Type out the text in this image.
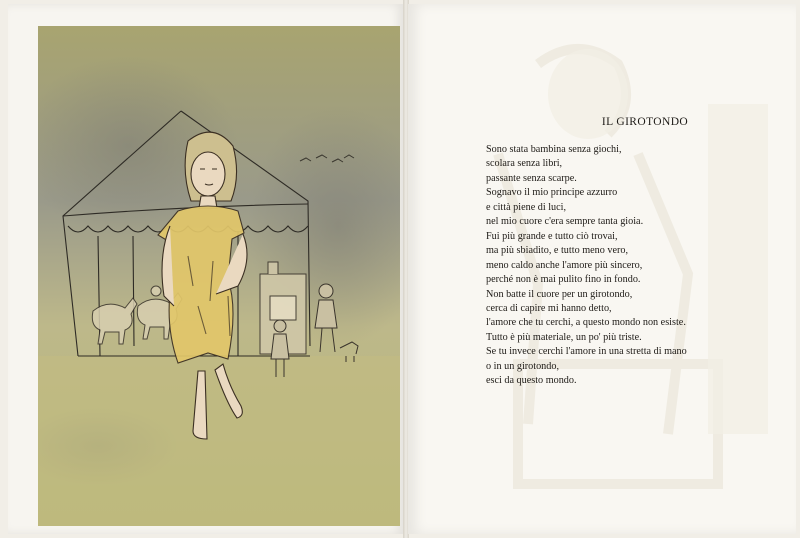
IL GIROTONDO
Sono stata bambina senza giochi,
scolara senza libri,
passante senza scarpe.
Sognavo il mio principe azzurro
e città piene di luci,
nel mio cuore c'era sempre tanta gioia.
Fui più grande e tutto ciò trovai,
ma più sbiadito, e tutto meno vero,
meno caldo anche l'amore più sincero,
perché non è mai pulito fino in fondo.
Non batte il cuore per un girotondo,
cerca di capire mi hanno detto,
l'amore che tu cerchi, a questo mondo non esiste.
Tutto è più materiale, un po' più triste.
Se tu invece cerchi l'amore in una stretta di mano
o in un girotondo,
esci da questo mondo.
